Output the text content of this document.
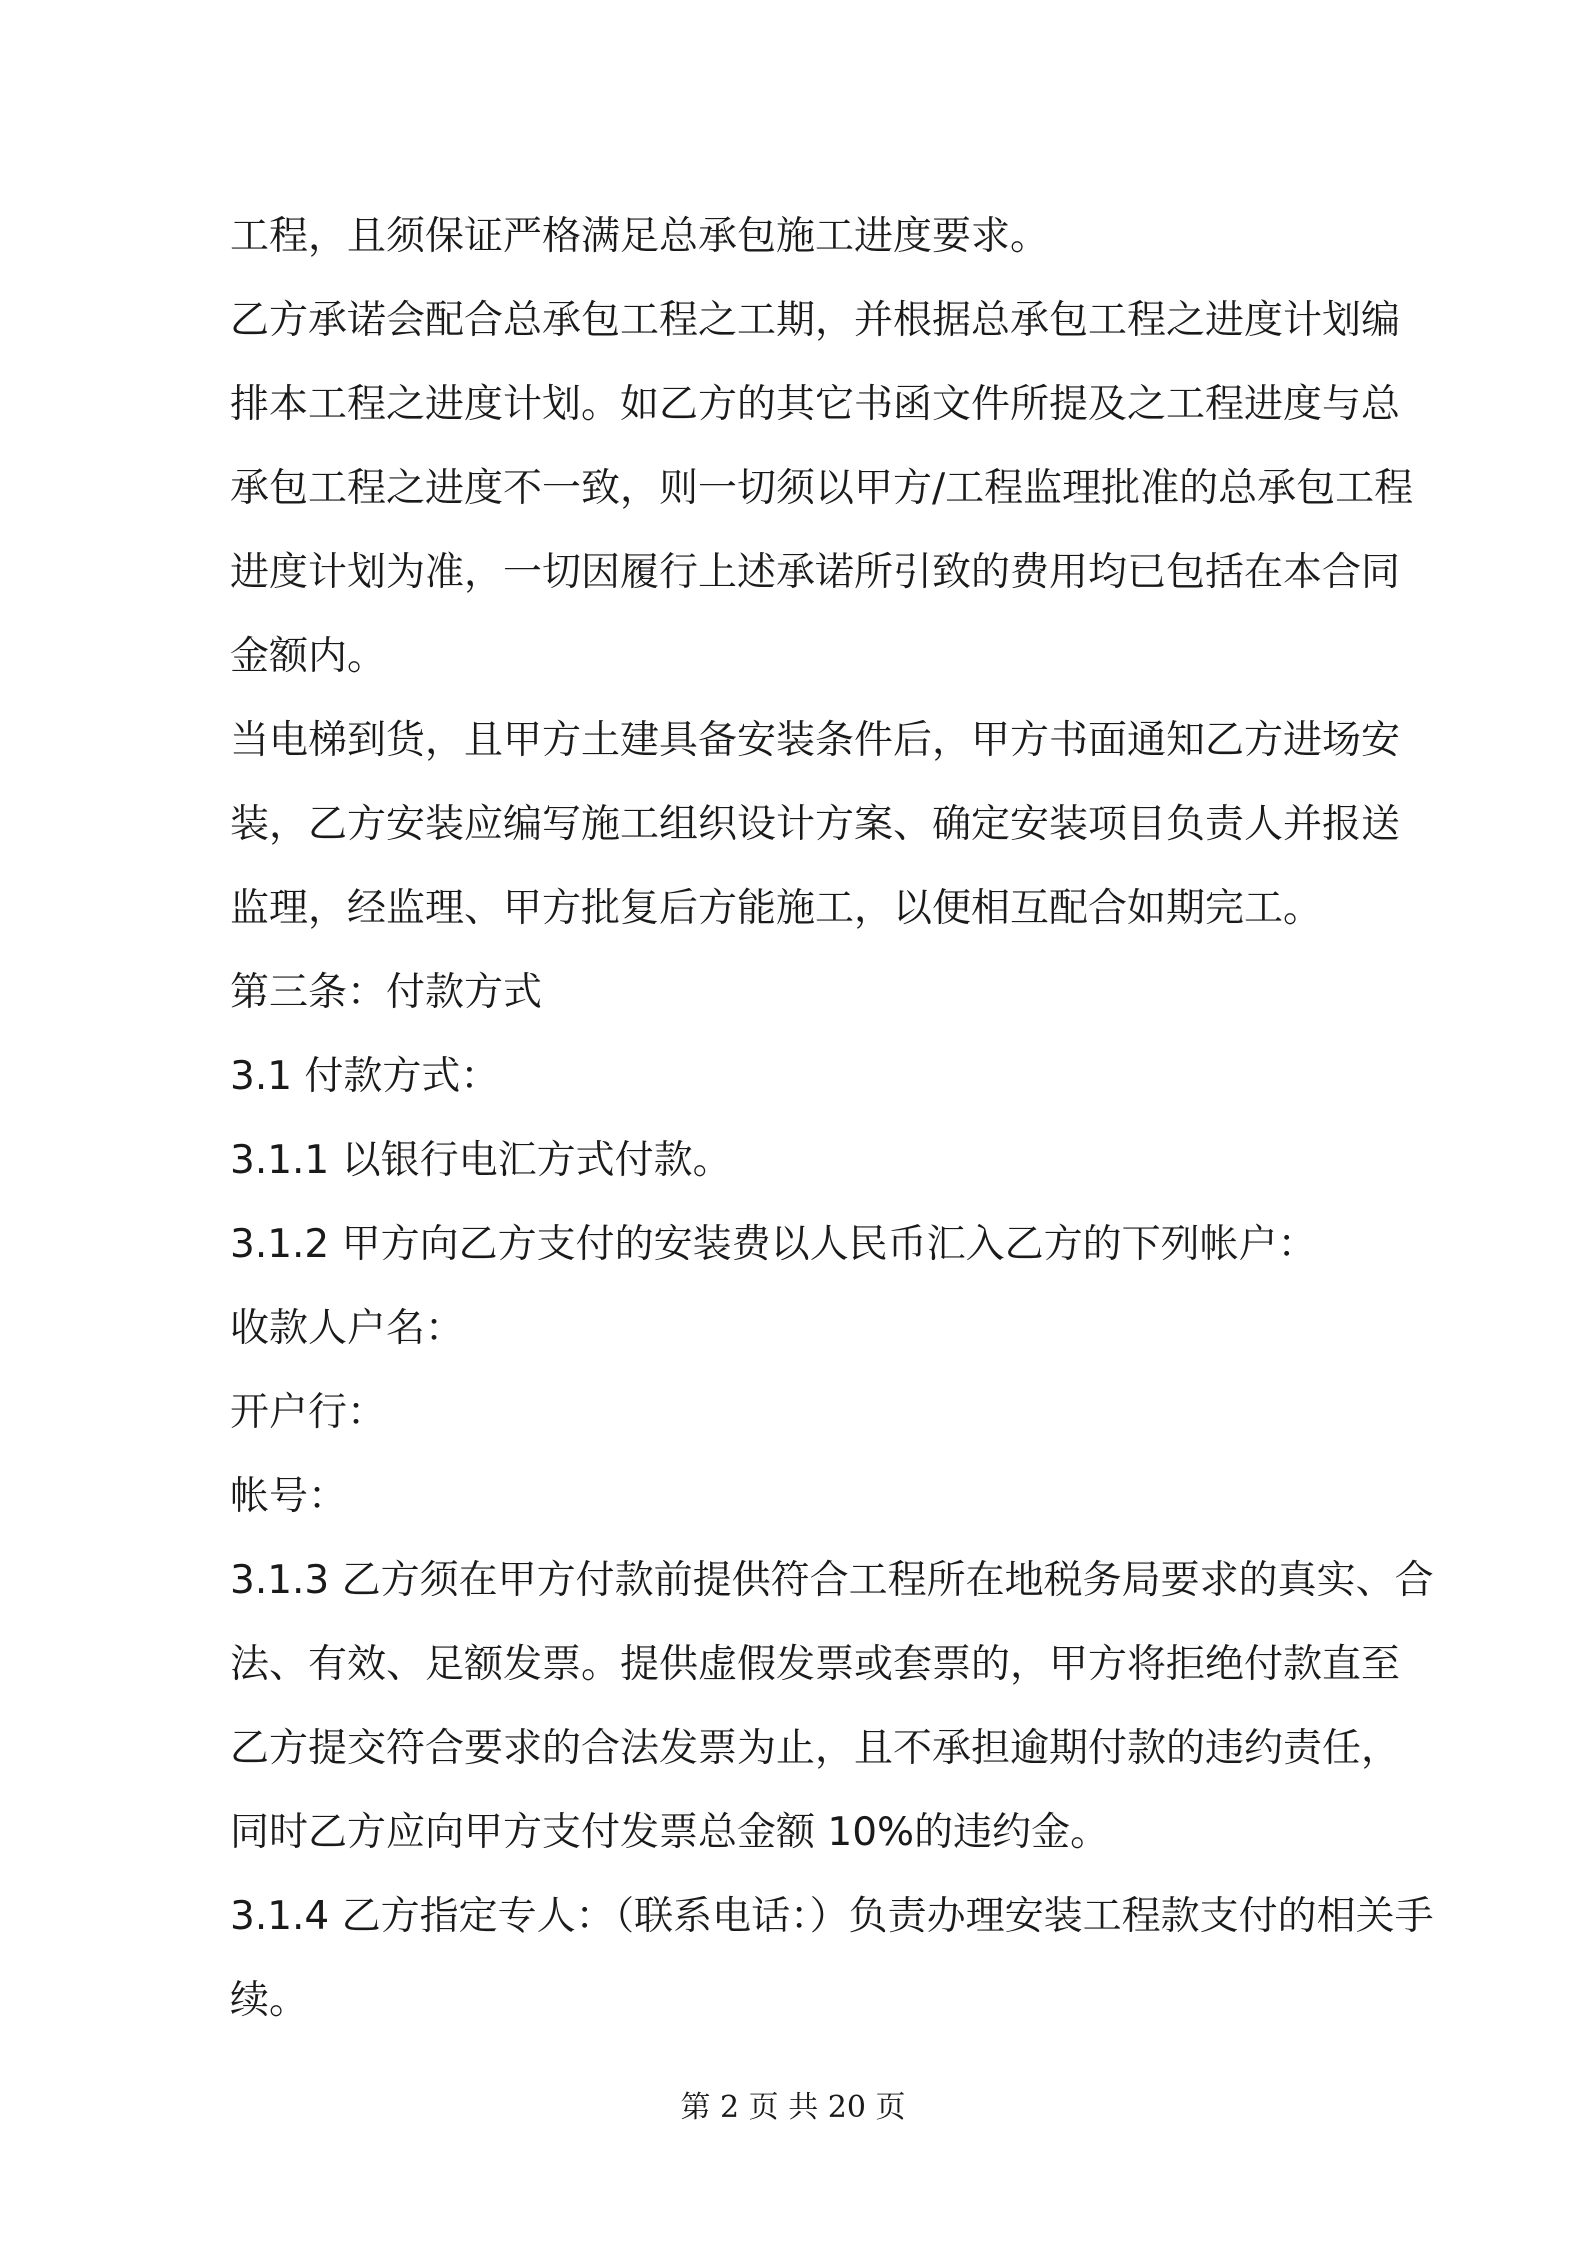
工程，且须保证严格满足总承包施工进度要求。
乙方承诺会配合总承包工程之工期，并根据总承包工程之进度计划编
排本工程之进度计划。如乙方的其它书函文件所提及之工程进度与总
承包工程之进度不一致，则一切须以甲方/工程监理批准的总承包工程
进度计划为准，一切因履行上述承诺所引致的费用均已包括在本合同
金额内。
当电梯到货，且甲方土建具备安装条件后，甲方书面通知乙方进场安
装，乙方安装应编写施工组织设计方案、确定安装项目负责人并报送
监理，经监理、甲方批复后方能施工，以便相互配合如期完工。
第三条：付款方式
3.1 付款方式：
3.1.1 以银行电汇方式付款。
3.1.2 甲方向乙方支付的安装费以人民币汇入乙方的下列帐户：
收款人户名：
开户行：
帐号：
3.1.3 乙方须在甲方付款前提供符合工程所在地税务局要求的真实、合
法、有效、足额发票。提供虚假发票或套票的，甲方将拒绝付款直至
乙方提交符合要求的合法发票为止，且不承担逾期付款的违约责任，
同时乙方应向甲方支付发票总金额 10%的违约金。
3.1.4 乙方指定专人：（联系电话：）负责办理安装工程款支付的相关手
续。
第 2 页 共 20 页
